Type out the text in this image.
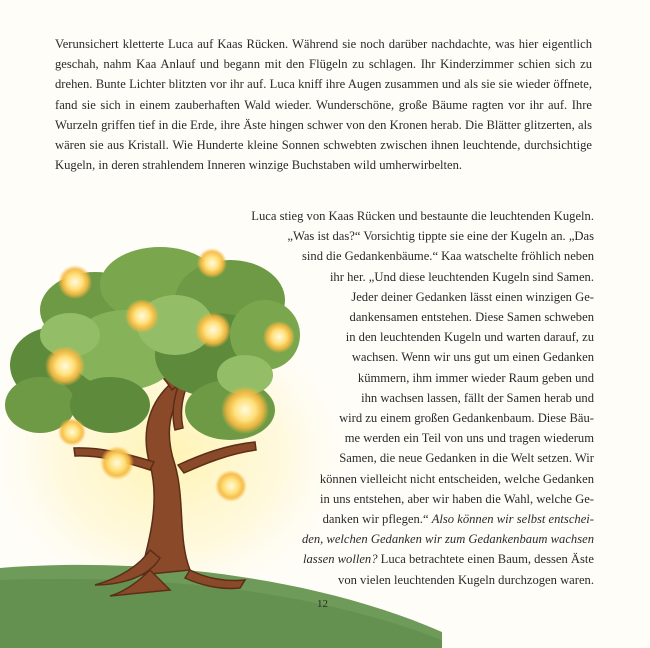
Verunsichert kletterte Luca auf Kaas Rücken. Während sie noch darüber nachdachte, was hier eigentlich geschah, nahm Kaa Anlauf und begann mit den Flügeln zu schlagen. Ihr Kinderzimmer schien sich zu drehen. Bunte Lichter blitzten vor ihr auf. Luca kniff ihre Augen zusammen und als sie sie wieder öffnete, fand sie sich in einem zauberhaften Wald wieder. Wunderschöne, große Bäume ragten vor ihr auf. Ihre Wurzeln griffen tief in die Erde, ihre Äste hingen schwer von den Kronen herab. Die Blätter glitzerten, als wären sie aus Kristall. Wie Hunderte kleine Sonnen schwebten zwischen ihnen leuchtende, durchsichtige Kugeln, in deren strahlendem Inneren winzige Buchstaben wild umherwirbelten.

Luca stieg von Kaas Rücken und bestaunte die leuchtenden Kugeln.
„Was ist das?“ Vorsichtig tippte sie eine der Kugeln an. „Das
sind die Gedankenbäume.“ Kaa watschelte fröhlich neben
ihr her. „Und diese leuchtenden Kugeln sind Samen.
Jeder deiner Gedanken lässt einen winzigen Ge-
dankensamen entstehen. Diese Samen schweben
in den leuchtenden Kugeln und warten darauf, zu
wachsen. Wenn wir uns gut um einen Gedanken
kümmern, ihm immer wieder Raum geben und
ihn wachsen lassen, fällt der Samen herab und
wird zu einem großen Gedankenbaum. Diese Bäu-
me werden ein Teil von uns und tragen wiederum
Samen, die neue Gedanken in die Welt setzen. Wir
können vielleicht nicht entscheiden, welche Gedanken
in uns entstehen, aber wir haben die Wahl, welche Ge-
danken wir pflegen.“ Also können wir selbst entschei-
den, welchen Gedanken wir zum Gedankenbaum wachsen
lassen wollen? Luca betrachtete einen Baum, dessen Äste
von vielen leuchtenden Kugeln durchzogen waren.

12
